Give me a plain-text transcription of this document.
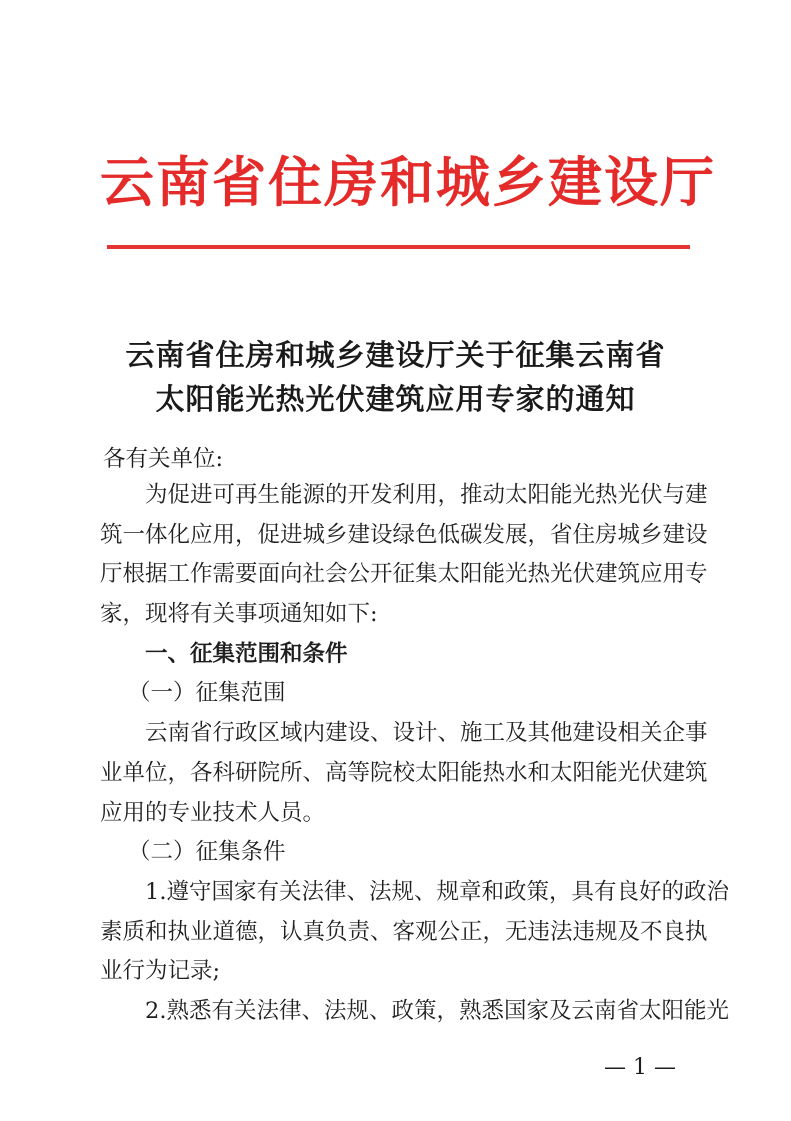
云南省住房和城乡建设厅
云南省住房和城乡建设厅关于征集云南省
太阳能光热光伏建筑应用专家的通知
各有关单位:
为促进可再生能源的开发利用，推动太阳能光热光伏与建
筑一体化应用，促进城乡建设绿色低碳发展，省住房城乡建设
厅根据工作需要面向社会公开征集太阳能光热光伏建筑应用专
家，现将有关事项通知如下:
一、征集范围和条件
（一）征集范围
云南省行政区域内建设、设计、施工及其他建设相关企事
业单位，各科研院所、高等院校太阳能热水和太阳能光伏建筑
应用的专业技术人员。
（二）征集条件
1.遵守国家有关法律、法规、规章和政策，具有良好的政治
素质和执业道德，认真负责、客观公正，无违法违规及不良执
业行为记录;
2.熟悉有关法律、法规、政策，熟悉国家及云南省太阳能光
— 1 —
